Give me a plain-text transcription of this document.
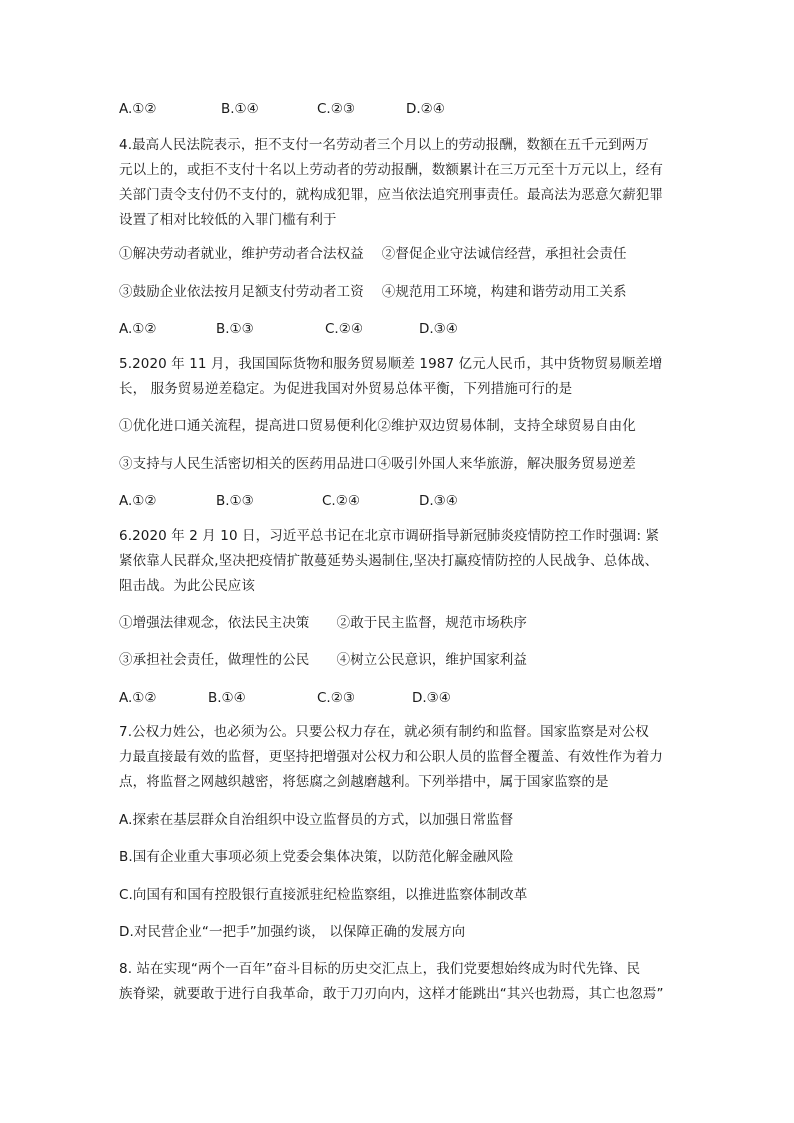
A.①②	B.①④	C.②③	D.②④
4.最高人民法院表示，拒不支付一名劳动者三个月以上的劳动报酬，数额在五千元到两万
元以上的，或拒不支付十名以上劳动者的劳动报酬，数额累计在三万元至十万元以上，经有
关部门责令支付仍不支付的，就构成犯罪，应当依法追究刑事责任。最高法为恶意欠薪犯罪
设置了相对比较低的入罪门槛有利于
①解决劳动者就业，维护劳动者合法权益　 ②督促企业守法诚信经营，承担社会责任
③鼓励企业依法按月足额支付劳动者工资　 ④规范用工环境，构建和谐劳动用工关系
A.①②	B.①③	C.②④	D.③④
5.2020 年 11 月，我国国际货物和服务贸易顺差 1987 亿元人民币，其中货物贸易顺差增
长， 服务贸易逆差稳定。为促进我国对外贸易总体平衡，下列措施可行的是
①优化进口通关流程，提高进口贸易便利化②维护双边贸易体制，支持全球贸易自由化
③支持与人民生活密切相关的医药用品进口④吸引外国人来华旅游，解决服务贸易逆差
A.①②	B.①③	C.②④	D.③④
6.2020 年 2 月 10 日，习近平总书记在北京市调研指导新冠肺炎疫情防控工作时强调: 紧
紧依靠人民群众,坚决把疫情扩散蔓延势头遏制住,坚决打赢疫情防控的人民战争、总体战、
阻击战。为此公民应该
①增强法律观念，依法民主决策　　②敢于民主监督，规范市场秩序
③承担社会责任，做理性的公民　　④树立公民意识，维护国家利益
A.①②	B.①④	C.②③	D.③④
7.公权力姓公，也必须为公。只要公权力存在，就必须有制约和监督。国家监察是对公权
力最直接最有效的监督，更坚持把增强对公权力和公职人员的监督全覆盖、有效性作为着力
点，将监督之网越织越密，将惩腐之剑越磨越利。下列举措中，属于国家监察的是
A.探索在基层群众自治组织中设立监督员的方式，以加强日常监督
B.国有企业重大事项必须上党委会集体决策，以防范化解金融风险
C.向国有和国有控股银行直接派驻纪检监察组，以推进监察体制改革
D.对民营企业“一把手”加强约谈， 以保障正确的发展方向
8. 站在实现“两个一百年”奋斗目标的历史交汇点上，我们党要想始终成为时代先锋、民
族脊梁，就要敢于进行自我革命，敢于刀刃向内，这样才能跳出“其兴也勃焉，其亡也忽焉”
